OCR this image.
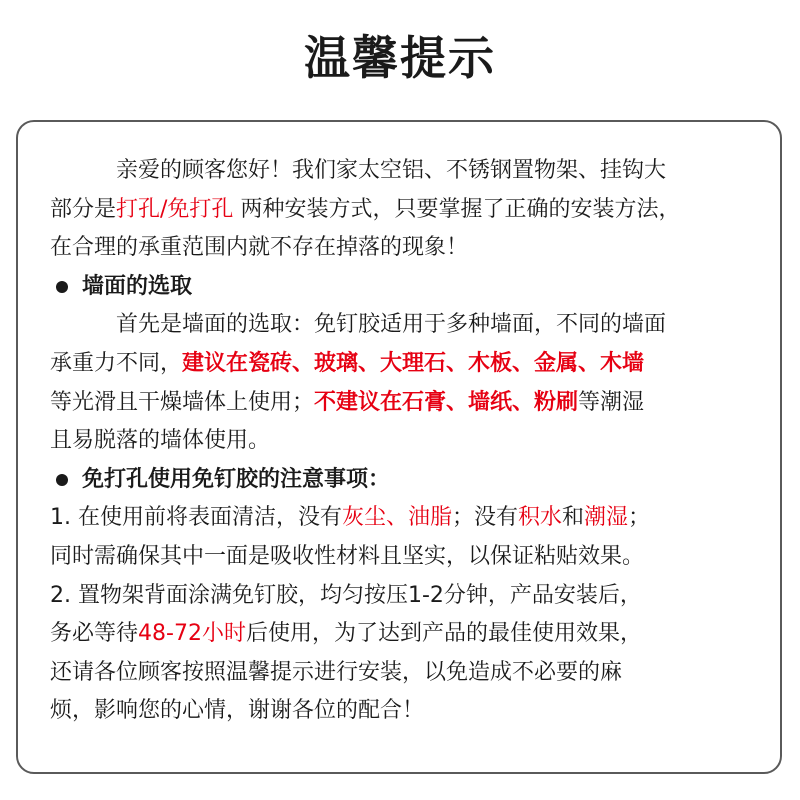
温馨提示
亲爱的顾客您好！我们家太空铝、不锈钢置物架、挂钩大
部分是打孔/免打孔 两种安装方式，只要掌握了正确的安装方法，
在合理的承重范围内就不存在掉落的现象！
墙面的选取
首先是墙面的选取：免钉胶适用于多种墙面，不同的墙面
承重力不同，建议在瓷砖、玻璃、大理石、木板、金属、木墙
等光滑且干燥墙体上使用；不建议在石膏、墙纸、粉刷等潮湿
且易脱落的墙体使用。
免打孔使用免钉胶的注意事项：
1. 在使用前将表面清洁，没有灰尘、油脂；没有积水和潮湿；
同时需确保其中一面是吸收性材料且坚实，以保证粘贴效果。
2. 置物架背面涂满免钉胶，均匀按压1-2分钟，产品安装后，
务必等待48-72小时后使用，为了达到产品的最佳使用效果，
还请各位顾客按照温馨提示进行安装，以免造成不必要的麻
烦，影响您的心情，谢谢各位的配合！
